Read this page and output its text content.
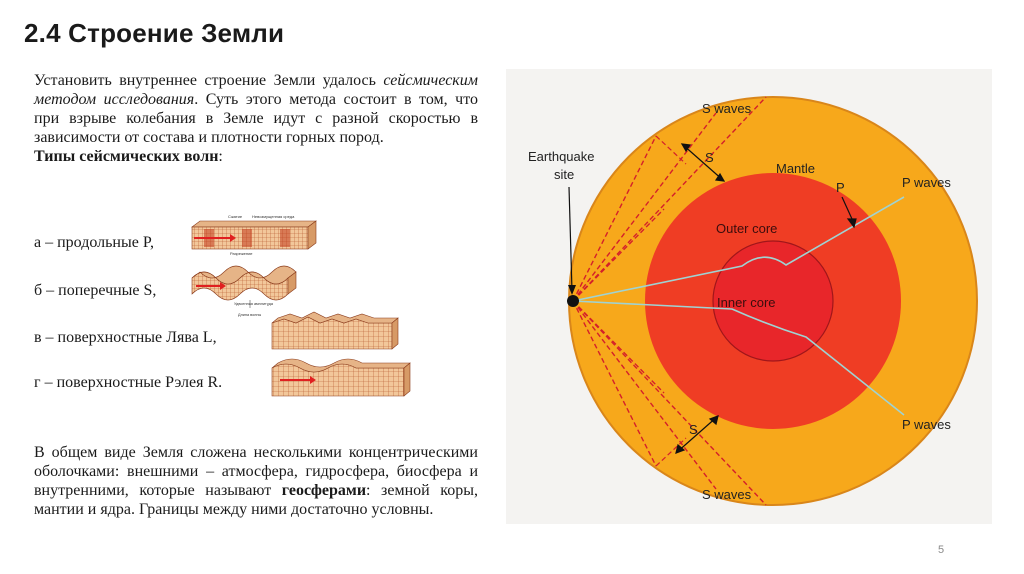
2.4 Строение Земли
Установить внутреннее строение Земли удалось сейсмическим методом исследования. Суть этого метода состоит в том, что при взрыве колебания в Земле идут с разной скоростью в зависимости от состава и плотности горных пород.
Типы сейсмических волн:
а – продольные P,
б – поперечные S,
в – поверхностные Лява L,
г – поверхностные Рэлея R.
Сжатие Невозмущенная среда
Разрежение
Удвоенная амплитуда
Длина волны
В общем виде Земля сложена несколькими концентрическими оболочками: внешними – атмосфера, гидросфера, биосфера и внутренними, которые называют геосферами: земной коры, мантии и ядра. Границы между ними достаточно условны.
S waves
S
Mantle
P	P waves
Earthquake
site
Outer core
Inner core
S	P waves
S waves
5
